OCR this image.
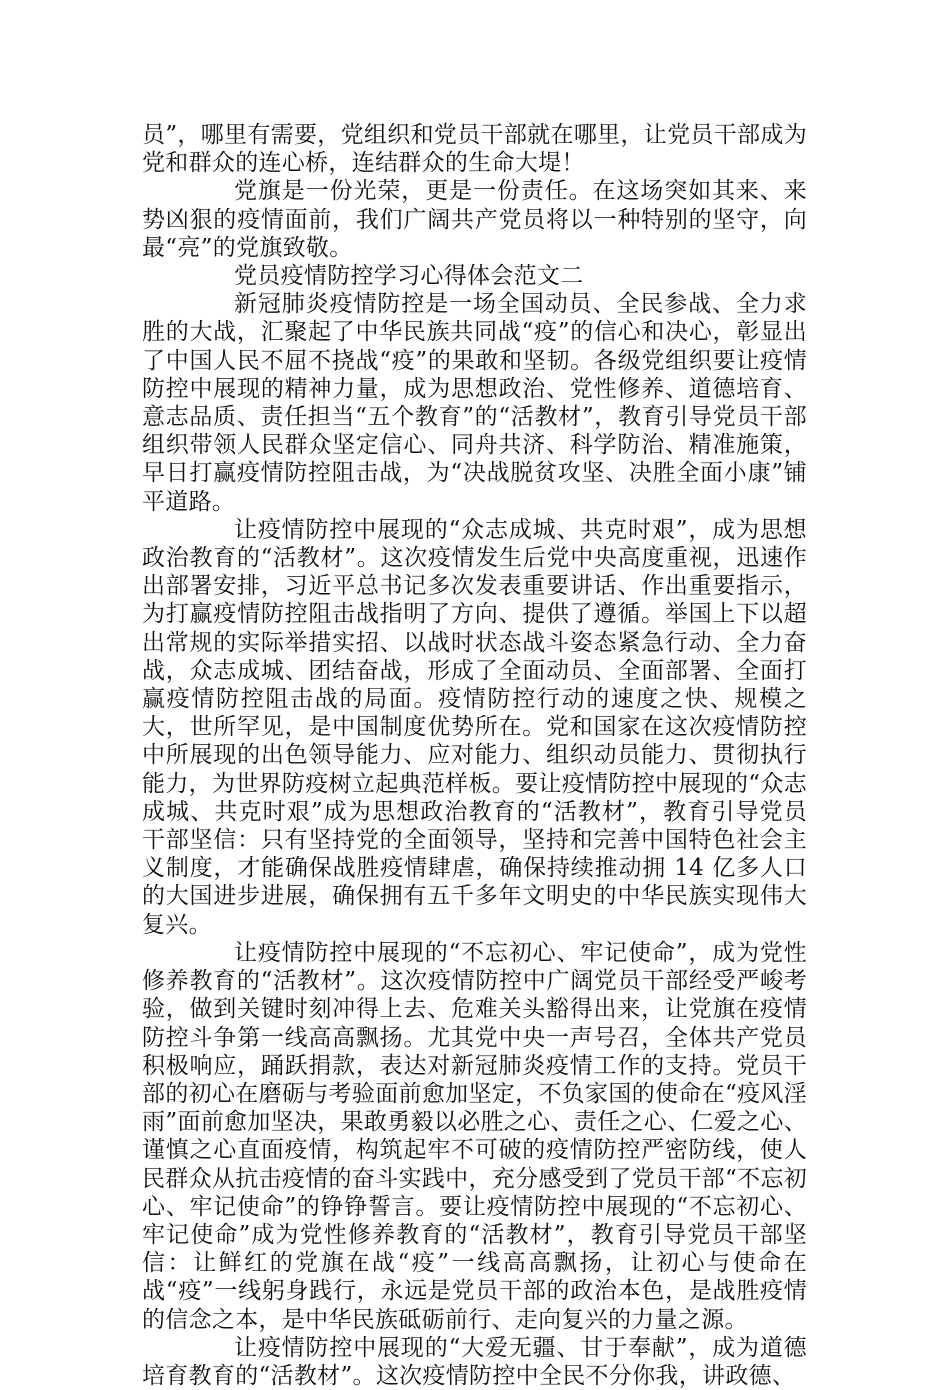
员”，哪里有需要，党组织和党员干部就在哪里，让党员干部成为党和群众的连心桥，连结群众的生命大堤！

党旗是一份光荣，更是一份责任。在这场突如其来、来势凶狠的疫情面前，我们广阔共产党员将以一种特别的坚守，向最“亮”的党旗致敬。

党员疫情防控学习心得体会范文二

新冠肺炎疫情防控是一场全国动员、全民参战、全力求胜的大战，汇聚起了中华民族共同战“疫”的信心和决心，彰显出了中国人民不屈不挠战“疫”的果敢和坚韧。各级党组织要让疫情防控中展现的精神力量，成为思想政治、党性修养、道德培育、意志品质、责任担当“五个教育”的“活教材”，教育引导党员干部组织带领人民群众坚定信心、同舟共济、科学防治、精准施策，早日打赢疫情防控阻击战，为“决战脱贫攻坚、决胜全面小康”铺平道路。

让疫情防控中展现的“众志成城、共克时艰”，成为思想政治教育的“活教材”。这次疫情发生后党中央高度重视，迅速作出部署安排，习近平总书记多次发表重要讲话、作出重要指示，为打赢疫情防控阻击战指明了方向、提供了遵循。举国上下以超出常规的实际举措实招、以战时状态战斗姿态紧急行动、全力奋战，众志成城、团结奋战，形成了全面动员、全面部署、全面打赢疫情防控阻击战的局面。疫情防控行动的速度之快、规模之大，世所罕见，是中国制度优势所在。党和国家在这次疫情防控中所展现的出色领导能力、应对能力、组织动员能力、贯彻执行能力，为世界防疫树立起典范样板。要让疫情防控中展现的“众志成城、共克时艰”成为思想政治教育的“活教材”，教育引导党员干部坚信：只有坚持党的全面领导，坚持和完善中国特色社会主义制度，才能确保战胜疫情肆虐，确保持续推动拥 14 亿多人口的大国进步进展，确保拥有五千多年文明史的中华民族实现伟大复兴。

让疫情防控中展现的“不忘初心、牢记使命”，成为党性修养教育的“活教材”。这次疫情防控中广阔党员干部经受严峻考验，做到关键时刻冲得上去、危难关头豁得出来，让党旗在疫情防控斗争第一线高高飘扬。尤其党中央一声号召，全体共产党员积极响应，踊跃捐款，表达对新冠肺炎疫情工作的支持。党员干部的初心在磨砺与考验面前愈加坚定，不负家国的使命在“疫风淫雨”面前愈加坚决，果敢勇毅以必胜之心、责任之心、仁爱之心、谨慎之心直面疫情，构筑起牢不可破的疫情防控严密防线，使人民群众从抗击疫情的奋斗实践中，充分感受到了党员干部“不忘初心、牢记使命”的铮铮誓言。要让疫情防控中展现的“不忘初心、牢记使命”成为党性修养教育的“活教材”，教育引导党员干部坚信：让鲜红的党旗在战“疫”一线高高飘扬，让初心与使命在战“疫”一线躬身践行，永远是党员干部的政治本色，是战胜疫情的信念之本，是中华民族砥砺前行、走向复兴的力量之源。

让疫情防控中展现的“大爱无疆、甘于奉献”，成为道德培育教育的“活教材”。这次疫情防控中全民不分你我，讲政德、
